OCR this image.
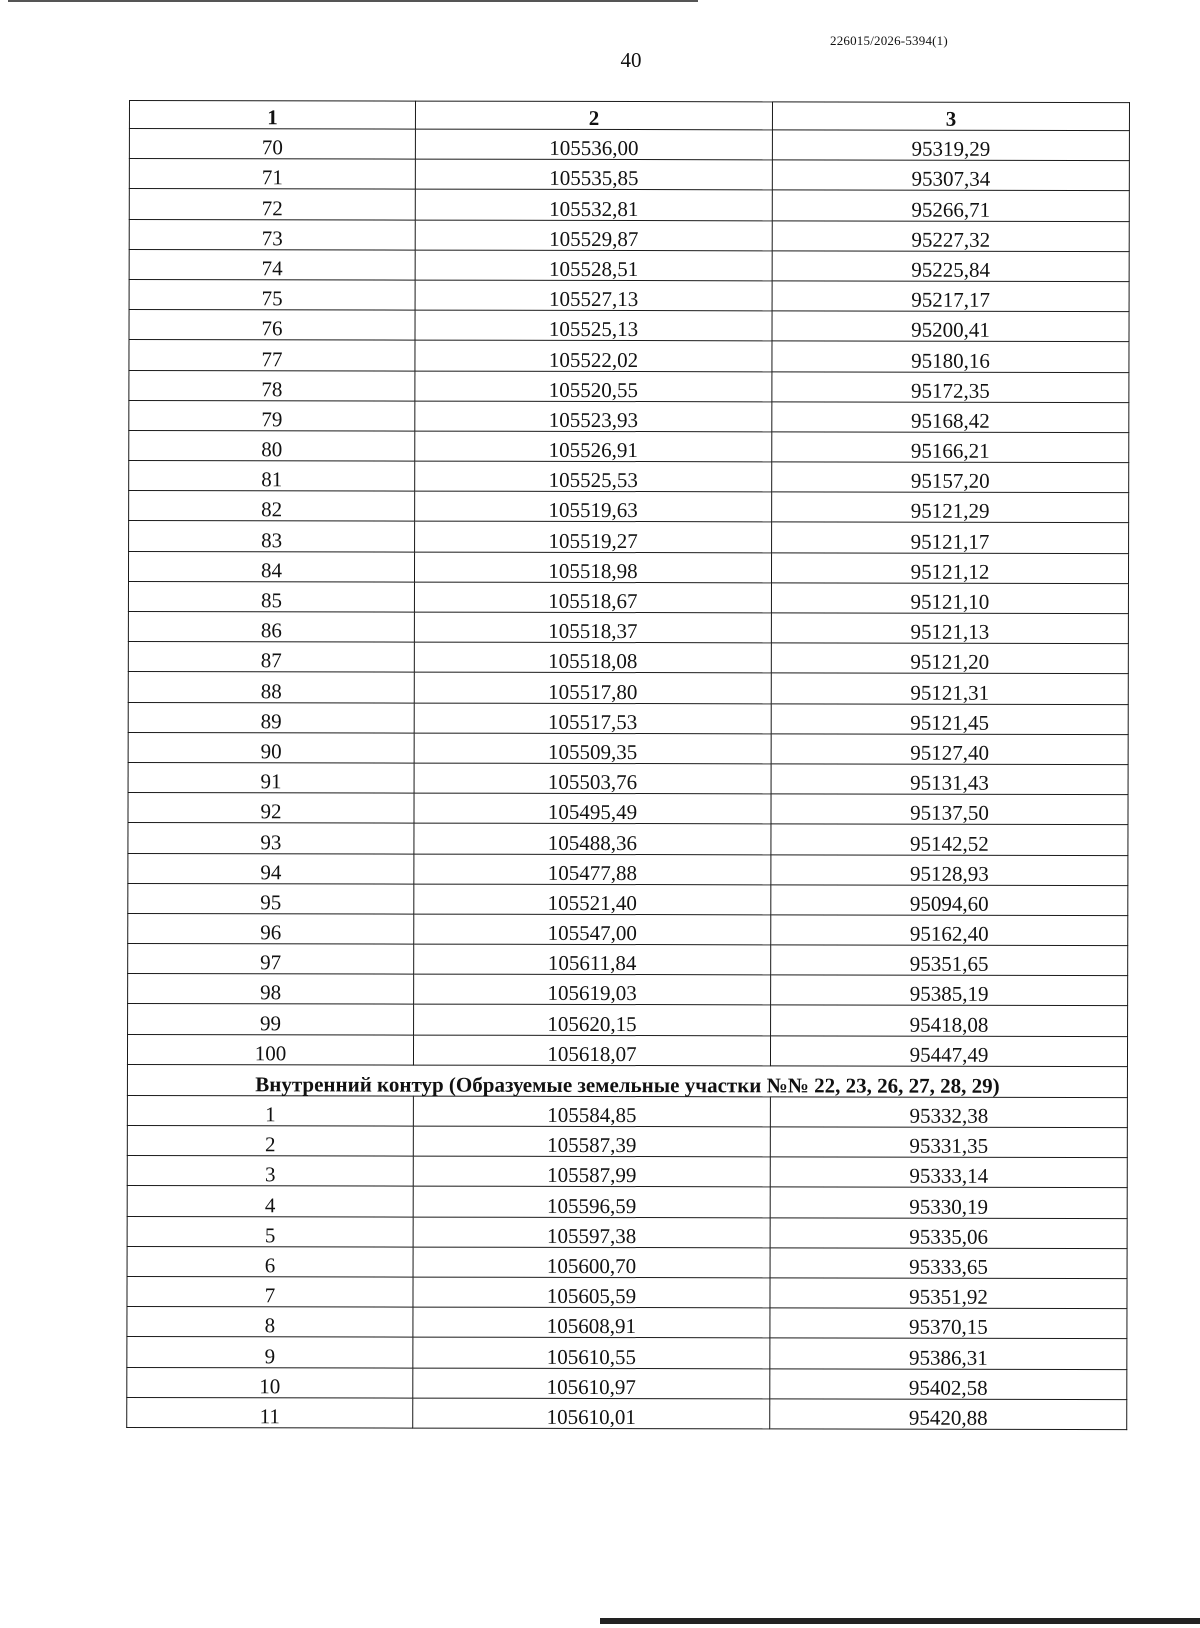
226015/2026-5394(1)
40
1	2	3
70	105536,00	95319,29
71	105535,85	95307,34
72	105532,81	95266,71
73	105529,87	95227,32
74	105528,51	95225,84
75	105527,13	95217,17
76	105525,13	95200,41
77	105522,02	95180,16
78	105520,55	95172,35
79	105523,93	95168,42
80	105526,91	95166,21
81	105525,53	95157,20
82	105519,63	95121,29
83	105519,27	95121,17
84	105518,98	95121,12
85	105518,67	95121,10
86	105518,37	95121,13
87	105518,08	95121,20
88	105517,80	95121,31
89	105517,53	95121,45
90	105509,35	95127,40
91	105503,76	95131,43
92	105495,49	95137,50
93	105488,36	95142,52
94	105477,88	95128,93
95	105521,40	95094,60
96	105547,00	95162,40
97	105611,84	95351,65
98	105619,03	95385,19
99	105620,15	95418,08
100	105618,07	95447,49
Внутренний контур (Образуемые земельные участки №№ 22, 23, 26, 27, 28, 29)		
1	105584,85	95332,38
2	105587,39	95331,35
3	105587,99	95333,14
4	105596,59	95330,19
5	105597,38	95335,06
6	105600,70	95333,65
7	105605,59	95351,92
8	105608,91	95370,15
9	105610,55	95386,31
10	105610,97	95402,58
11	105610,01	95420,88
